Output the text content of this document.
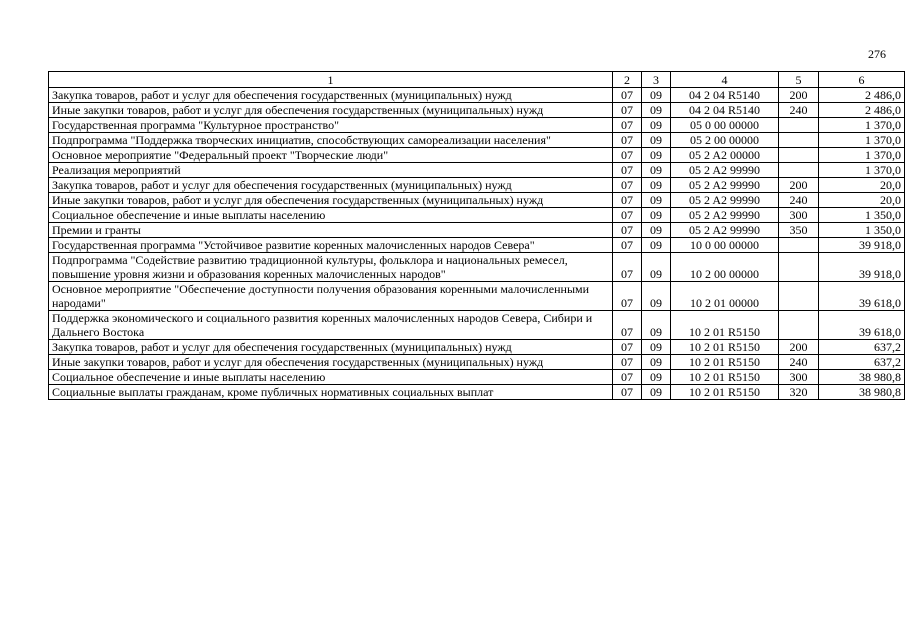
276
1	2	3	4	5	6
Закупка товаров, работ и услуг для обеспечения государственных (муниципальных) нужд	07	09	04 2 04 R5140	200	2 486,0
Иные закупки товаров, работ и услуг для обеспечения государственных (муниципальных) нужд	07	09	04 2 04 R5140	240	2 486,0
Государственная программа "Культурное пространство"	07	09	05 0 00 00000		1 370,0
Подпрограмма "Поддержка творческих инициатив, способствующих самореализации населения"	07	09	05 2 00 00000		1 370,0
Основное мероприятие "Федеральный проект "Творческие люди"	07	09	05 2 A2 00000		1 370,0
Реализация мероприятий	07	09	05 2 A2 99990		1 370,0
Закупка товаров, работ и услуг для обеспечения государственных (муниципальных) нужд	07	09	05 2 A2 99990	200	20,0
Иные закупки товаров, работ и услуг для обеспечения государственных (муниципальных) нужд	07	09	05 2 A2 99990	240	20,0
Социальное обеспечение и иные выплаты населению	07	09	05 2 A2 99990	300	1 350,0
Премии и гранты	07	09	05 2 A2 99990	350	1 350,0
Государственная программа "Устойчивое развитие коренных малочисленных народов Севера"	07	09	10 0 00 00000		39 918,0
Подпрограмма "Содействие развитию традиционной культуры, фольклора и национальных ремесел, повышение уровня жизни и образования коренных малочисленных народов"	07	09	10 2 00 00000		39 918,0
Основное мероприятие "Обеспечение доступности получения образования коренными малочисленными народами"	07	09	10 2 01 00000		39 618,0
Поддержка экономического и социального развития коренных малочисленных народов Севера, Сибири и Дальнего Востока	07	09	10 2 01 R5150		39 618,0
Закупка товаров, работ и услуг для обеспечения государственных (муниципальных) нужд	07	09	10 2 01 R5150	200	637,2
Иные закупки товаров, работ и услуг для обеспечения государственных (муниципальных) нужд	07	09	10 2 01 R5150	240	637,2
Социальное обеспечение и иные выплаты населению	07	09	10 2 01 R5150	300	38 980,8
Социальные выплаты гражданам, кроме публичных нормативных социальных выплат	07	09	10 2 01 R5150	320	38 980,8
